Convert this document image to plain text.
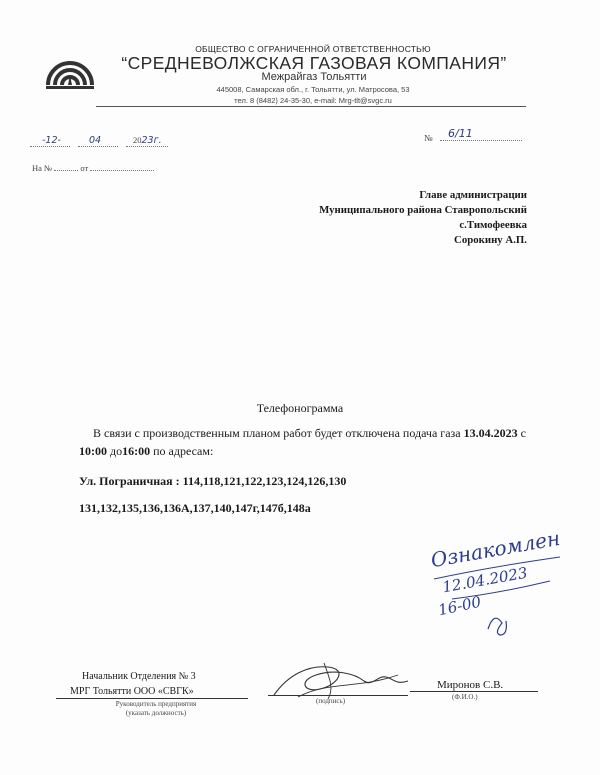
ОБЩЕСТВО С ОГРАНИЧЕННОЙ ОТВЕТСТВЕННОСТЬЮ
“СРЕДНЕВОЛЖСКАЯ ГАЗОВАЯ КОМПАНИЯ”
Межрайгаз Тольятти
445008, Самарская обл., г. Тольятти, ул. Матросова, 53
тел. 8 (8482) 24-35-30, e-mail: Mrg-tlt@svgc.ru
-12-	04	2023г.	№ 6/11
На №	от
Главе администрации
Муниципального района Ставропольский
с.Тимофеевка
Сорокину А.П.
Телефонограмма
В связи с производственным планом работ будет отключена подача газа 13.04.2023 с 10:00 до16:00 по адресам:
Ул. Пограничная : 114,118,121,122,123,124,126,130
131,132,135,136,136А,137,140,147г,147б,148а
Ознакомлен
12.04.2023
16-00
Начальник Отделения № 3
МРГ Тольятти ООО «СВГК»
Руководитель предприятия
(указать должность)
(подпись)
Миронов С.В.
(Ф.И.О.)
